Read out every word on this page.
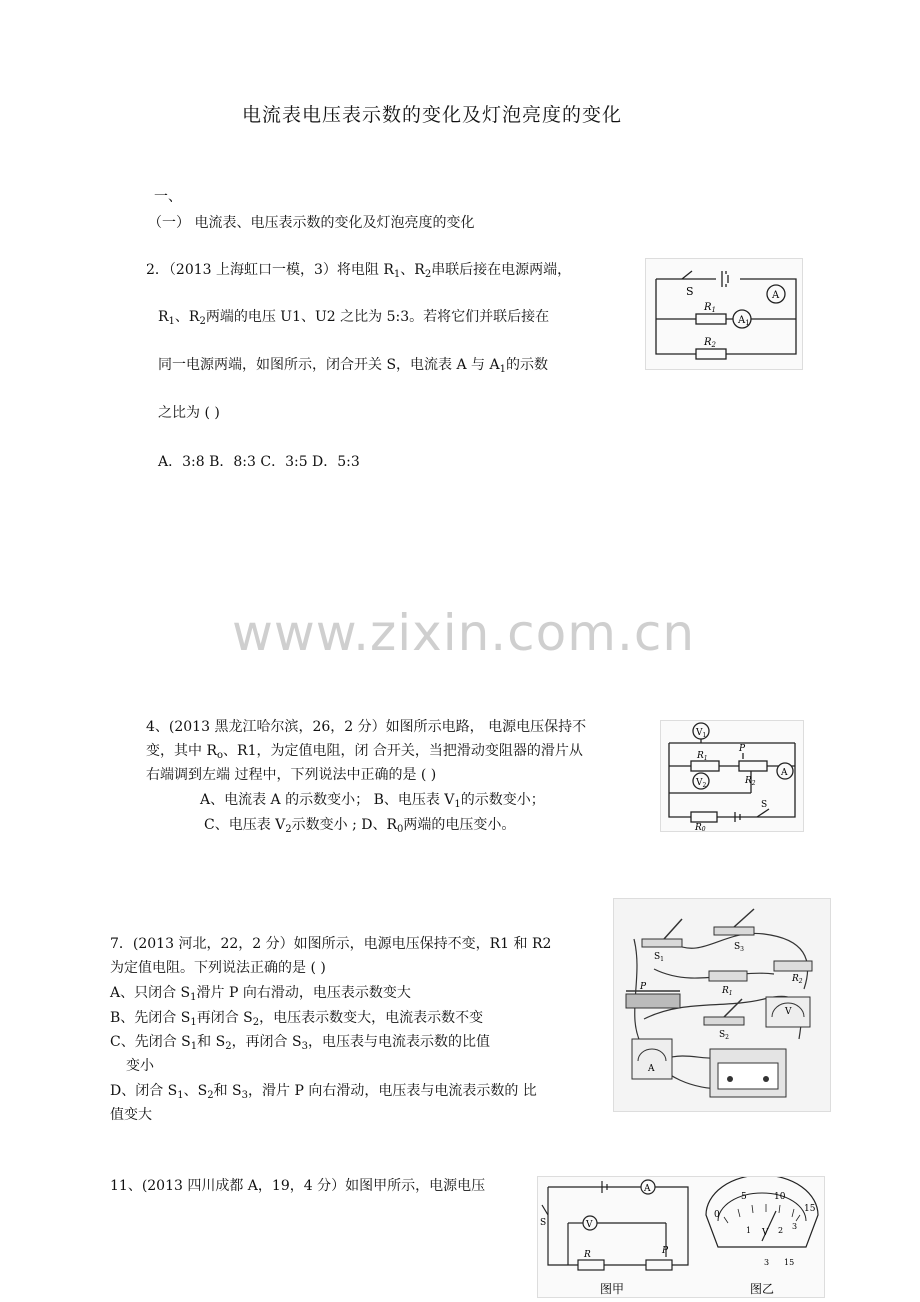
电流表电压表示数的变化及灯泡亮度的变化
一、
（一） 电流表、电压表示数的变化及灯泡亮度的变化
2．（2013 上海虹口一模，3）将电阻 $R_1$、$R_2$串联后接在电源两端，
$R_1$、$R_2$两端的电压 U1、U2 之比为 5:3。若将它们并联后接在
同一电源两端，如图所示，闭合开关 S，电流表 A 与 $A_1$的示数
之比为 ( )
A．3:8 B．8:3 C．3:5 D．5:3
S	A
$A_1$
$R_1$
$R_2$
www.zixin.com.cn
4、(2013 黑龙江哈尔滨，26，2 分）如图所示电路， 电源电压保持不
变，其中 $R_o$、R1，为定值电阻，闭 合开关，当把滑动变阻器的滑片从
右端调到左端 过程中，下列说法中正确的是 ( )
A、电流表 A 的示数变小； B、电压表 $V_1$的示数变小；
C、电压表 $V_2$示数变小 ; D、$R_0$两端的电压变小。
$V_1$
$V_2$
A
P
$R_1$
$R_2$
R0
S
7．(2013 河北，22，2 分）如图所示，电源电压保持不变，R1 和 R2
为定值电阻。下列说法正确的是 ( )
A、只闭合 $S_1$滑片 P 向右滑动，电压表示数变大
B、先闭合 $S_1$再闭合 $S_2$，电压表示数变大，电流表示数不变
C、先闭合 $S_1$和 $S_2$，再闭合 $S_3$，电压表与电流表示数的比值
变小
D、闭合 $S_1$、$S_2$和 $S_3$，滑片 P 向右滑动，电压表与电流表示数的 比
值变大
$S_1$
$S_3$
$S_2$
$R_1$
$R_2$
P
V
A
11、(2013 四川成都 A，19，4 分）如图甲所示，电源电压	A
V
S
R	P
5	10
15
0
1 V 2 3
3 15
图甲	图乙
